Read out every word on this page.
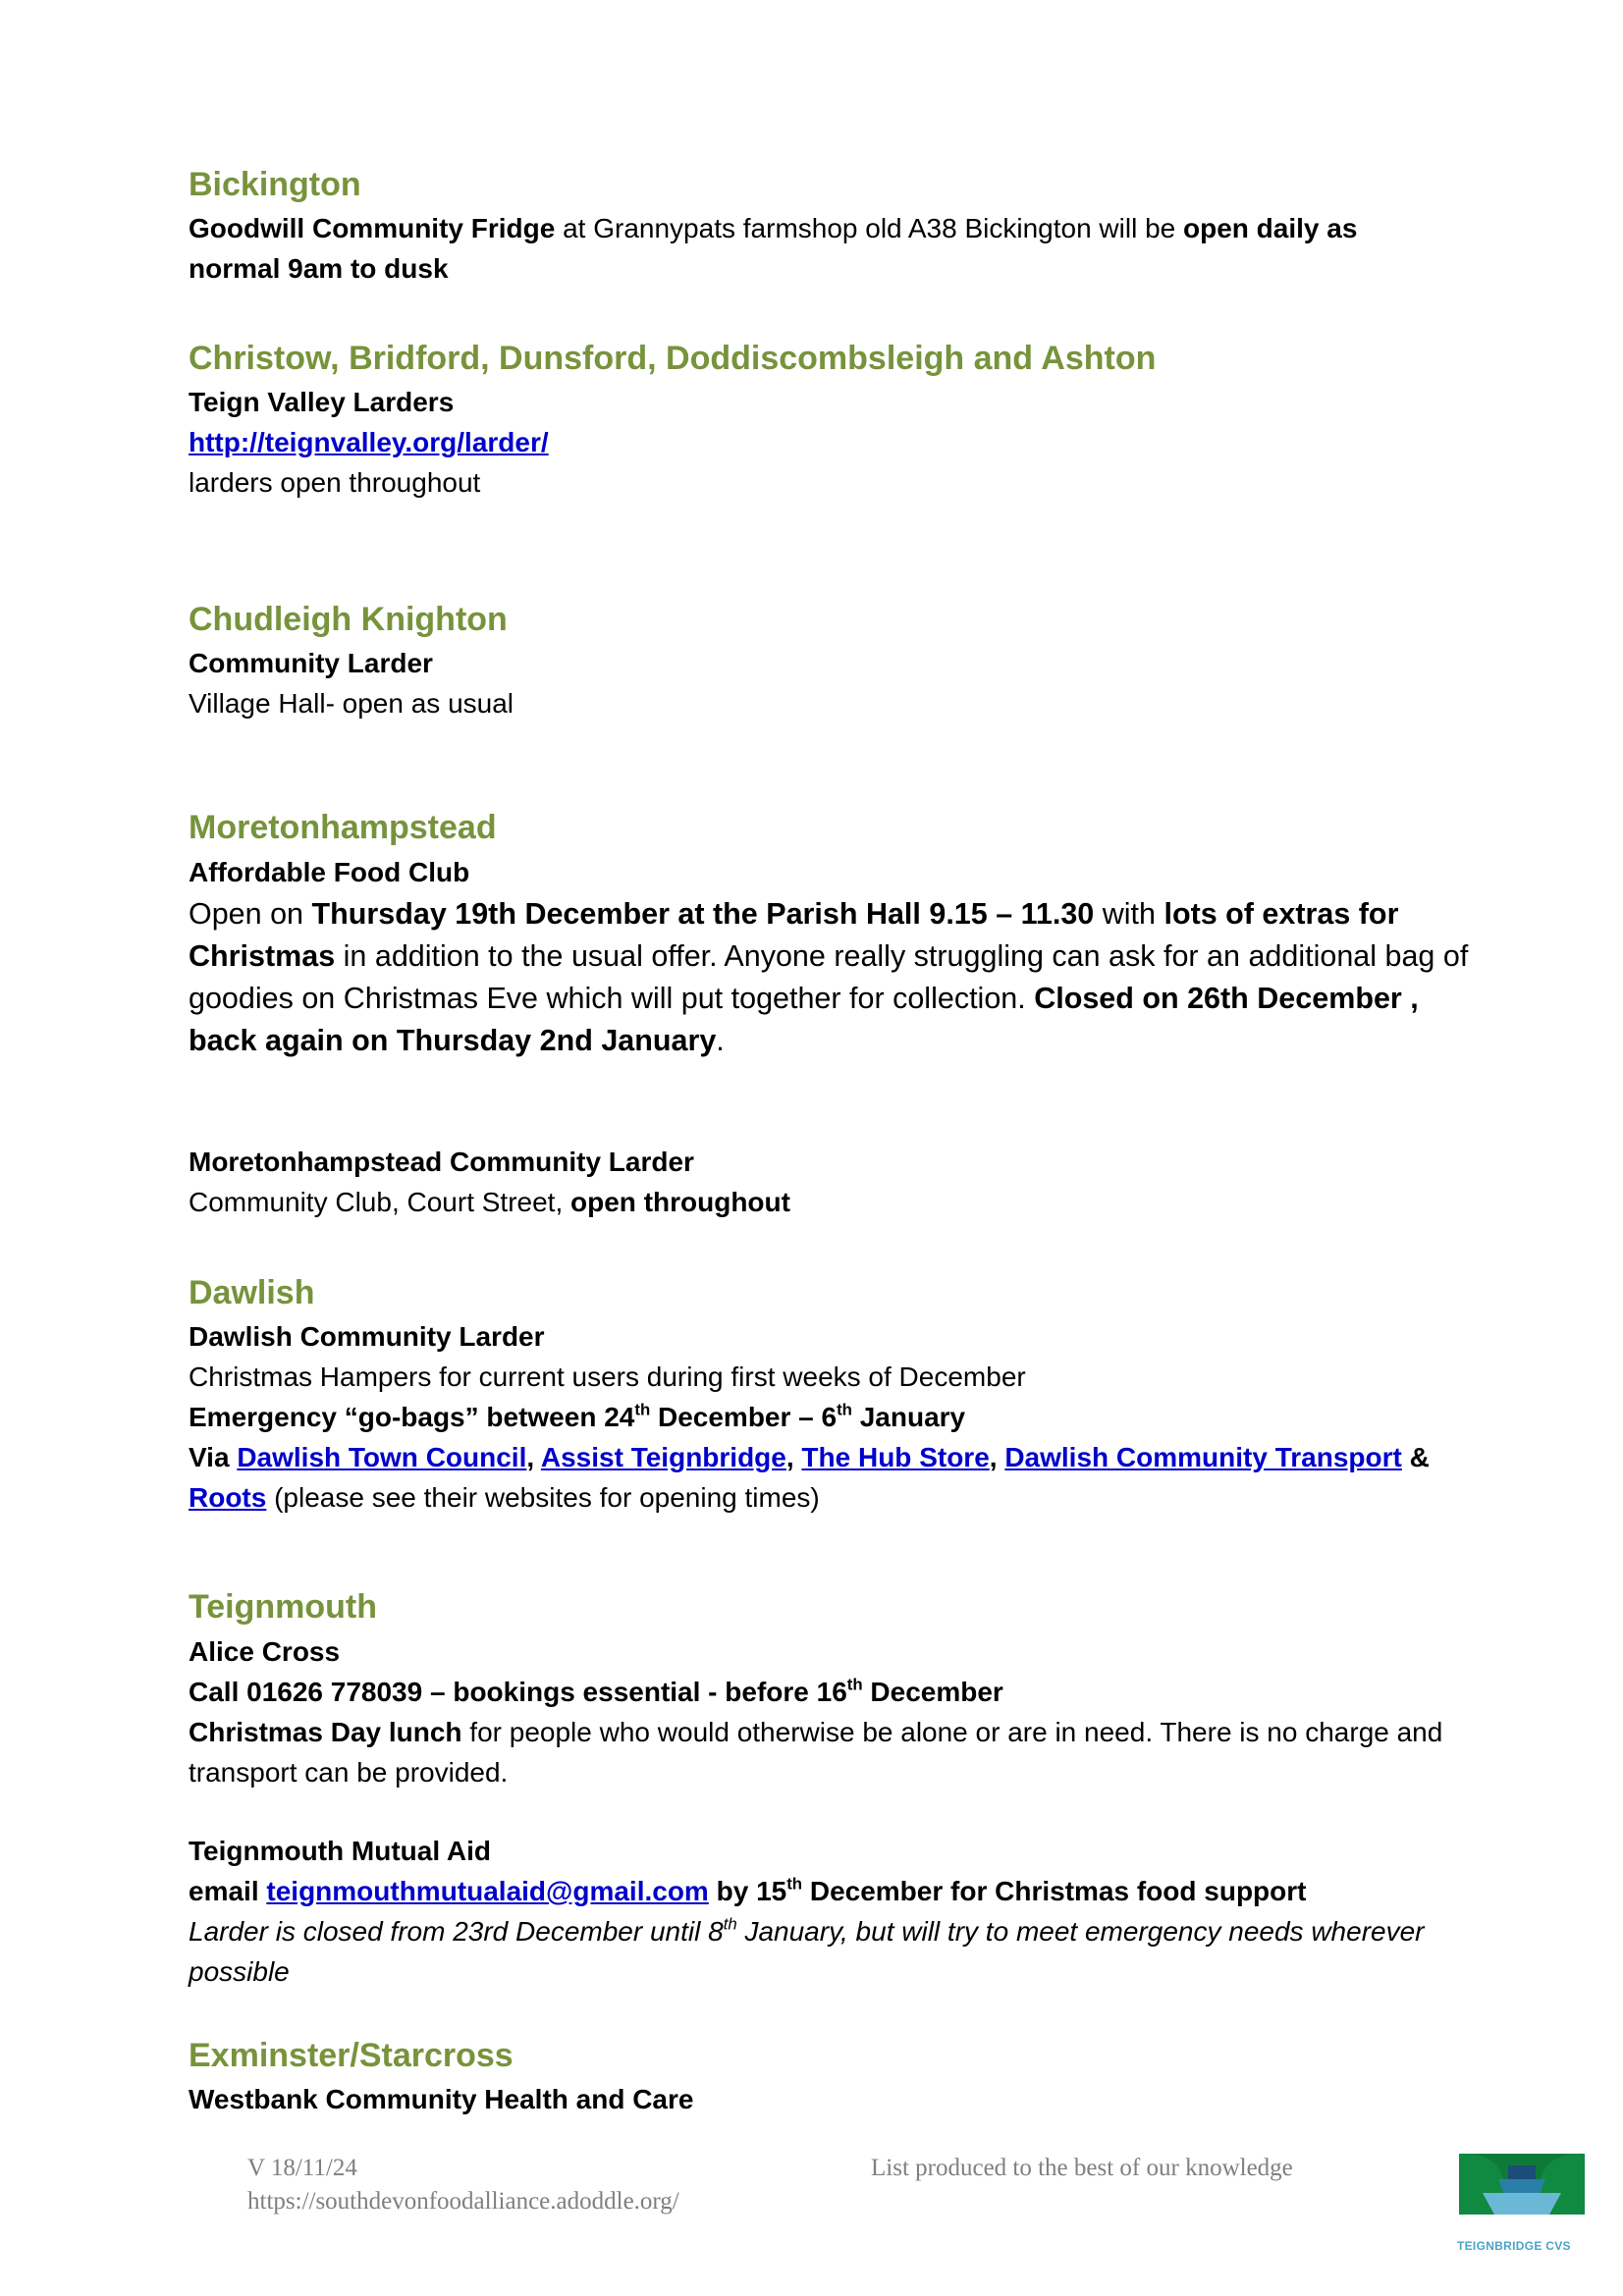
Bickington
Goodwill Community Fridge at Grannypats farmshop old A38 Bickington will be open daily as
normal 9am to dusk
Christow, Bridford, Dunsford, Doddiscombsleigh and Ashton
Teign Valley Larders
http://teignvalley.org/larder/
larders open throughout
Chudleigh Knighton
Community Larder
Village Hall- open as usual
Moretonhampstead
Affordable Food Club
Open on Thursday 19th December at the Parish Hall 9.15 – 11.30 with lots of extras for
Christmas in addition to the usual offer. Anyone really struggling can ask for an additional bag of
goodies on Christmas Eve which will put together for collection. Closed on 26th December ,
back again on Thursday 2nd January.
Moretonhampstead Community Larder
Community Club, Court Street, open throughout
Dawlish
Dawlish Community Larder
Christmas Hampers for current users during first weeks of December
Emergency “go-bags” between 24th December – 6th January
Via Dawlish Town Council, Assist Teignbridge, The Hub Store, Dawlish Community Transport &
Roots (please see their websites for opening times)
Teignmouth
Alice Cross
Call 01626 778039 – bookings essential - before 16th December
Christmas Day lunch for people who would otherwise be alone or are in need. There is no charge and
transport can be provided.
Teignmouth Mutual Aid
email teignmouthmutualaid@gmail.com by 15th December for Christmas food support
Larder is closed from 23rd December until 8th January, but will try to meet emergency needs wherever
possible
Exminster/Starcross
Westbank Community Health and Care
V 18/11/24
https://southdevonfoodalliance.adoddle.org/
List produced to the best of our knowledge
TEIGNBRIDGE CVS
